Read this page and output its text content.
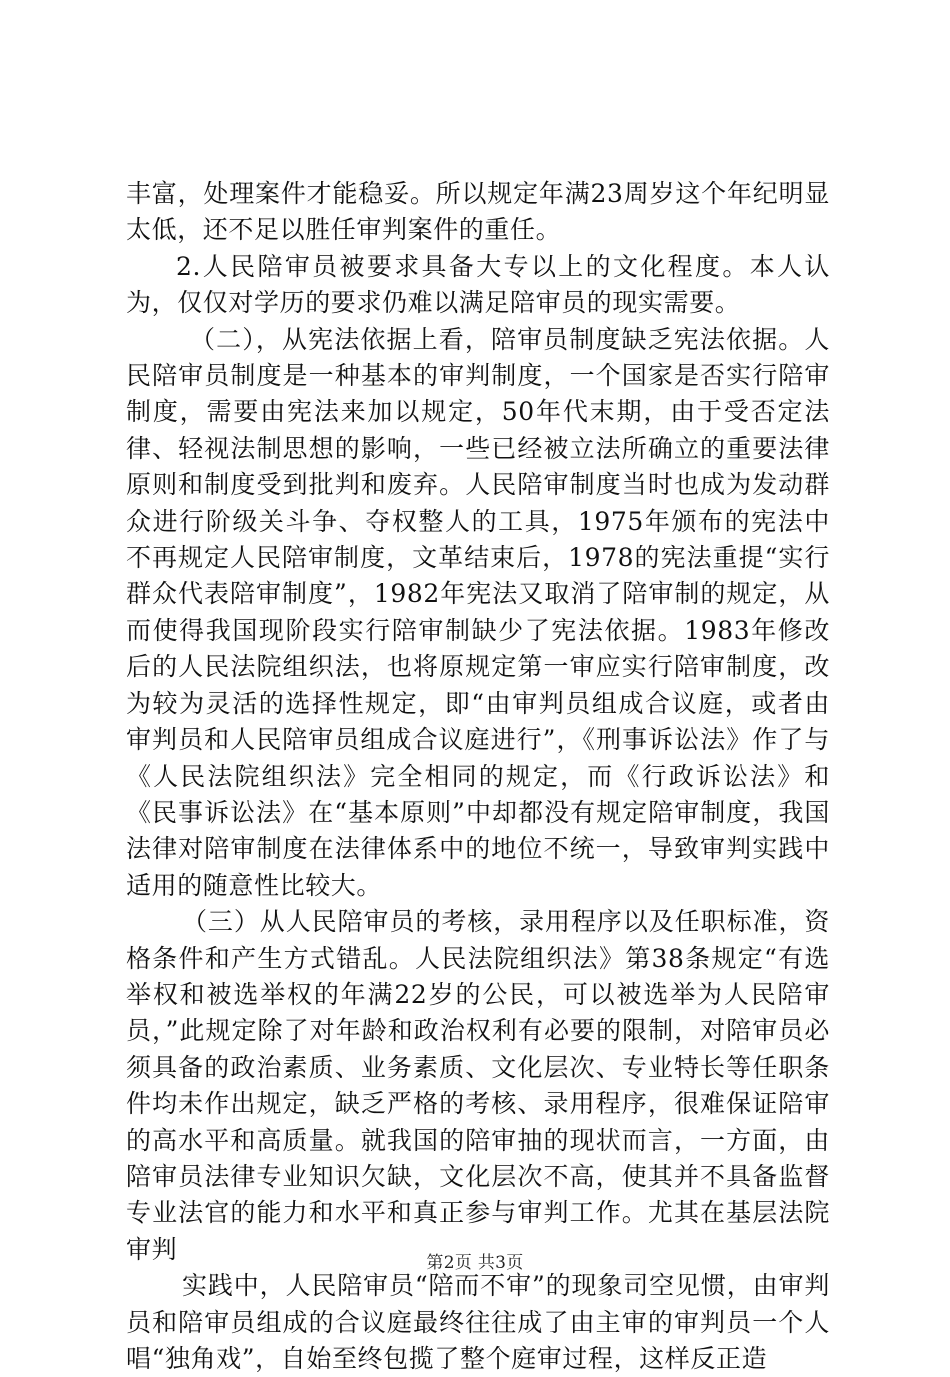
丰富，处理案件才能稳妥。所以规定年满23周岁这个年纪明显太低，还不足以胜任审判案件的重任。

2.人民陪审员被要求具备大专以上的文化程度。本人认为，仅仅对学历的要求仍难以满足陪审员的现实需要。

（二），从宪法依据上看，陪审员制度缺乏宪法依据。人民陪审员制度是一种基本的审判制度，一个国家是否实行陪审制度，需要由宪法来加以规定，50年代末期，由于受否定法律、轻视法制思想的影响，一些已经被立法所确立的重要法律原则和制度受到批判和废弃。人民陪审制度当时也成为发动群众进行阶级关斗争、夺权整人的工具，1975年颁布的宪法中不再规定人民陪审制度，文革结束后，1978的宪法重提“实行群众代表陪审制度”，1982年宪法又取消了陪审制的规定，从而使得我国现阶段实行陪审制缺少了宪法依据。1983年修改后的人民法院组织法，也将原规定第一审应实行陪审制度，改为较为灵活的选择性规定，即“由审判员组成合议庭，或者由审判员和人民陪审员组成合议庭进行”，《刑事诉讼法》作了与《人民法院组织法》完全相同的规定，而《行政诉讼法》和《民事诉讼法》在“基本原则”中却都没有规定陪审制度，我国法律对陪审制度在法律体系中的地位不统一，导致审判实践中适用的随意性比较大。

（三）从人民陪审员的考核，录用程序以及任职标准，资格条件和产生方式错乱。人民法院组织法》第38条规定“有选举权和被选举权的年满22岁的公民，可以被选举为人民陪审员，”此规定除了对年龄和政治权利有必要的限制，对陪审员必须具备的政治素质、业务素质、文化层次、专业特长等任职条件均未作出规定，缺乏严格的考核、录用程序，很难保证陪审的高水平和高质量。就我国的陪审抽的现状而言，一方面，由陪审员法律专业知识欠缺，文化层次不高，使其并不具备监督专业法官的能力和水平和真正参与审判工作。尤其在基层法院审判

实践中，人民陪审员“陪而不审”的现象司空见惯，由审判员和陪审员组成的合议庭最终往往成了由主审的审判员一个人唱“独角戏”，自始至终包揽了整个庭审过程，这样反正造

第2页 共3页
